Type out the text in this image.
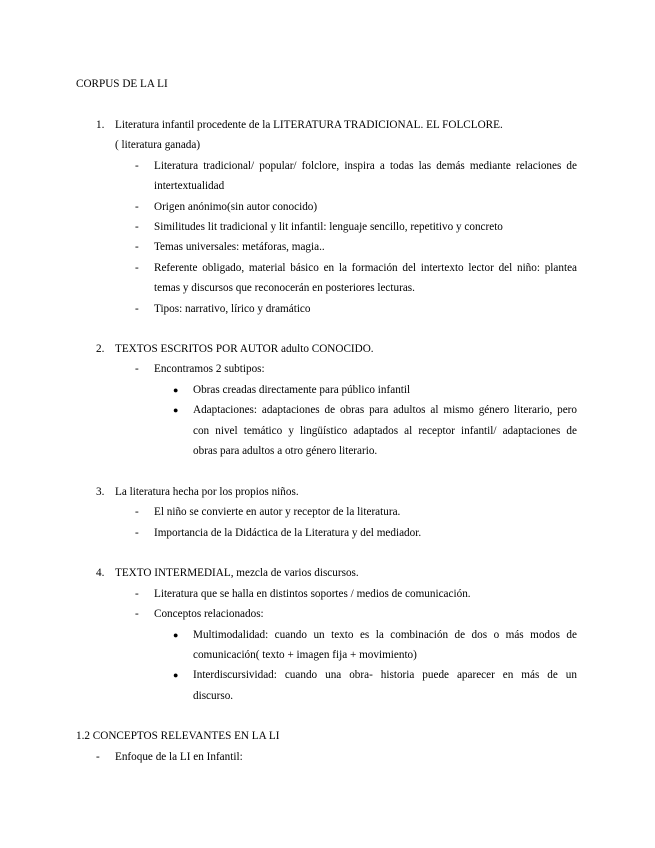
CORPUS DE LA LI
1. Literatura infantil procedente de la LITERATURA TRADICIONAL. EL FOLCLORE.
( literatura ganada)
- Literatura tradicional/ popular/ folclore, inspira a todas las demás mediante relaciones de
intertextualidad
- Origen anónimo(sin autor conocido)
- Similitudes lit tradicional y lit infantil: lenguaje sencillo, repetitivo y concreto
- Temas universales: metáforas, magia..
- Referente obligado, material básico en la formación del intertexto lector del niño: plantea
temas y discursos que reconocerán en posteriores lecturas.
- Tipos: narrativo, lírico y dramático
2. TEXTOS ESCRITOS POR AUTOR adulto CONOCIDO.
- Encontramos 2 subtipos:
● Obras creadas directamente para público infantil
● Adaptaciones: adaptaciones de obras para adultos al mismo género literario, pero
con nivel temático y lingüístico adaptados al receptor infantil/ adaptaciones de
obras para adultos a otro género literario.
3. La literatura hecha por los propios niños.
- El niño se convierte en autor y receptor de la literatura.
- Importancia de la Didáctica de la Literatura y del mediador.
4. TEXTO INTERMEDIAL, mezcla de varios discursos.
- Literatura que se halla en distintos soportes / medios de comunicación.
- Conceptos relacionados:
● Multimodalidad: cuando un texto es la combinación de dos o más modos de
comunicación( texto + imagen fija + movimiento)
● Interdiscursividad: cuando una obra- historia puede aparecer en más de un
discurso.
1.2 CONCEPTOS RELEVANTES EN LA LI
- Enfoque de la LI en Infantil:
